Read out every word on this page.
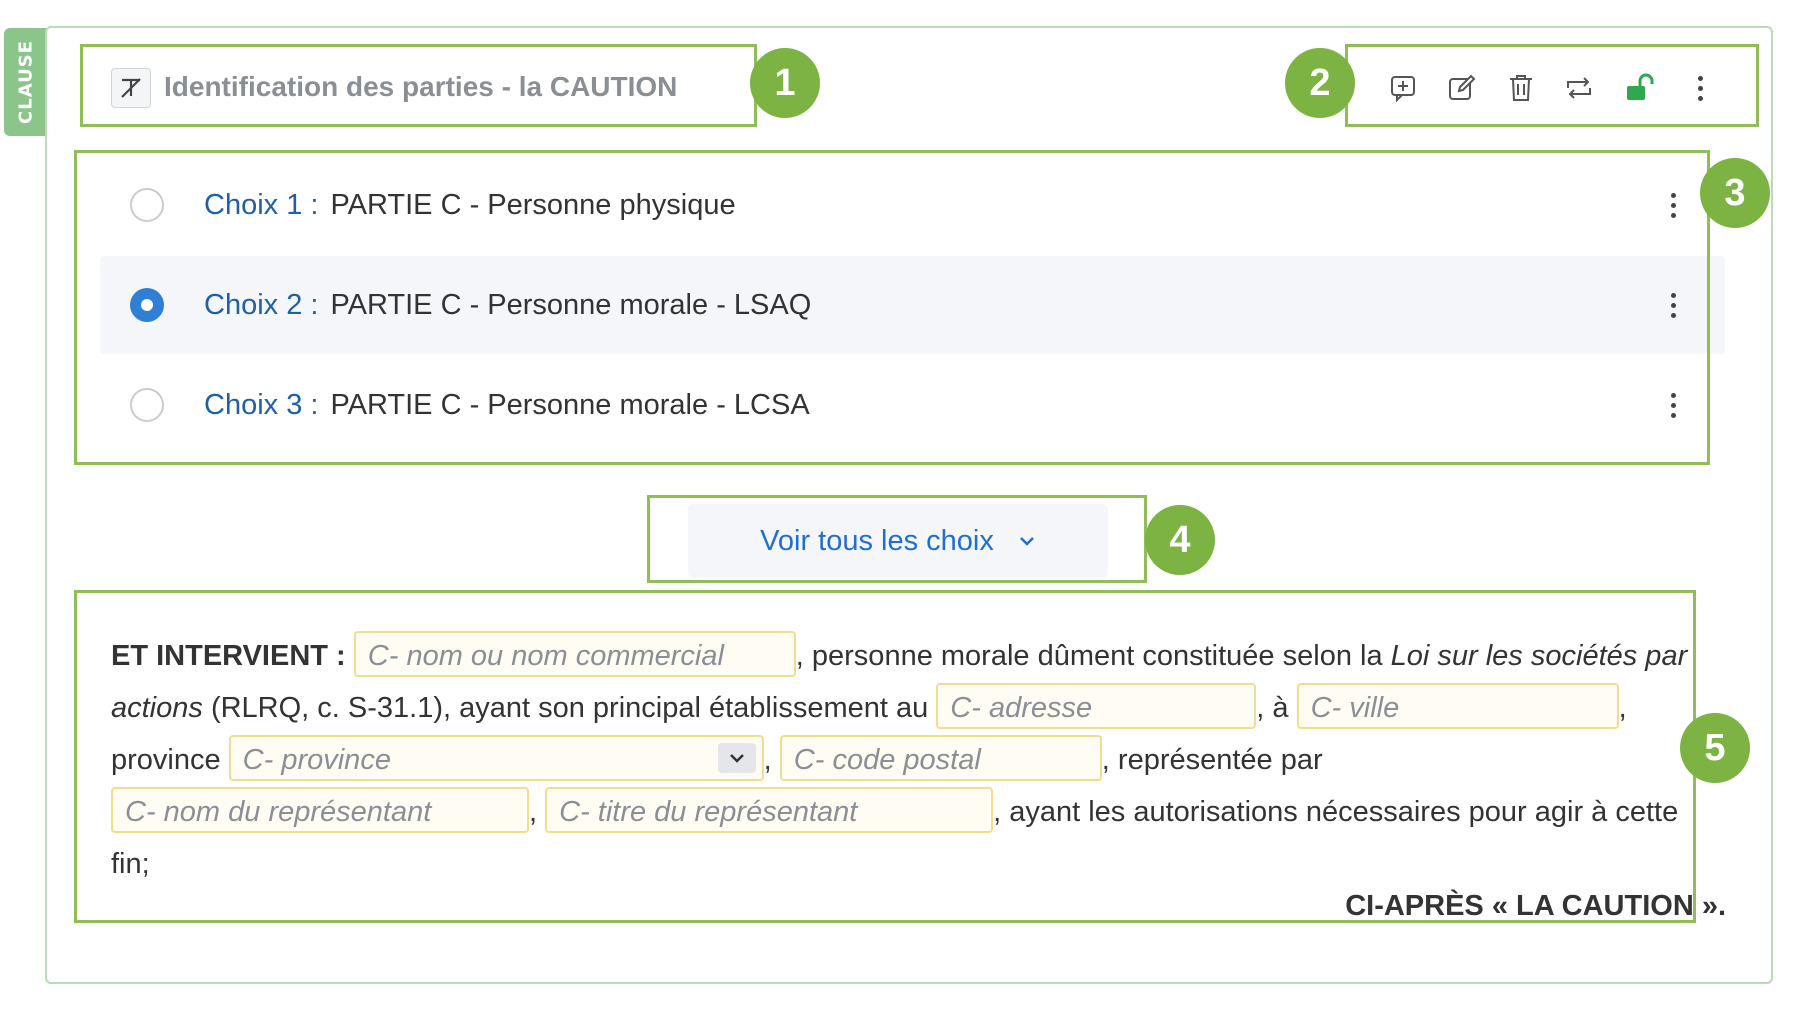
CLAUSE	Identification des parties - la CAUTION
Choix 1 : PARTIE C - Personne physique
Choix 2 : PARTIE C - Personne morale - LSAQ
Choix 3 : PARTIE C - Personne morale - LCSA
Voir tous les choix
ET INTERVIENT : C- nom ou nom commercial , personne morale dûment constituée selon la Loi sur les sociétés par
actions (RLRQ, c. S-31.1), ayant son principal établissement au C- adresse	, à C- ville	,
province C- province	, C- code postal	, représentée par
C- nom du représentant	, C- titre du représentant	, ayant les autorisations nécessaires pour agir à cette
fin;
CI-APRÈS « LA CAUTION ».
1	2
3
4
5
